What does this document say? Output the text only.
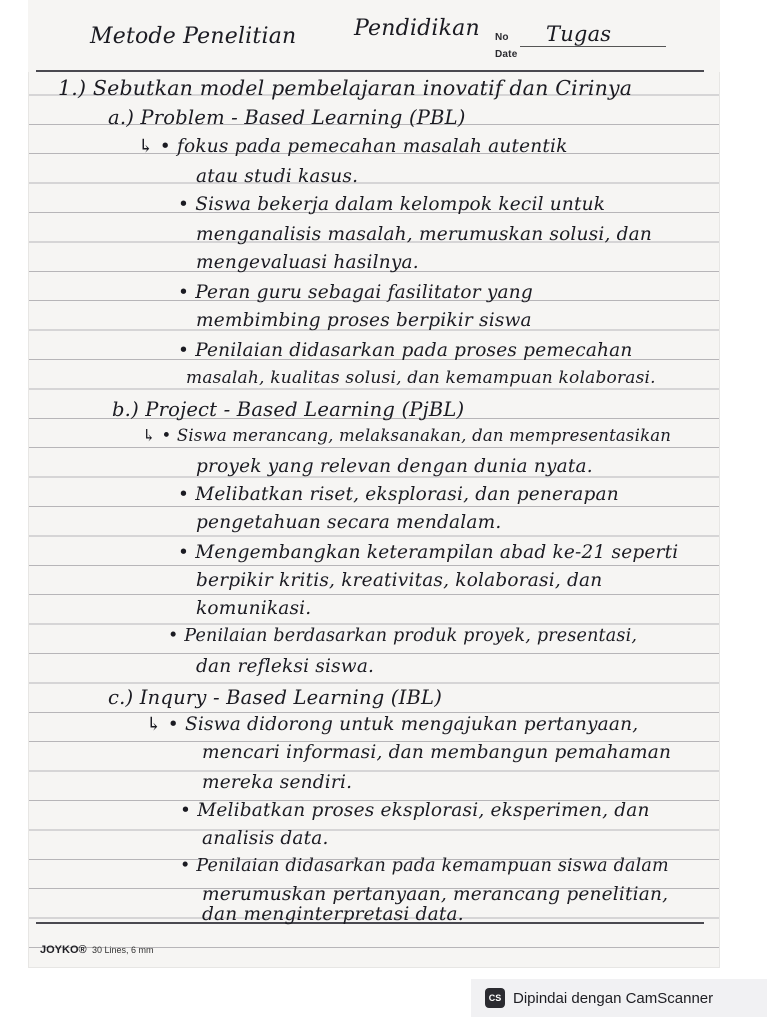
Metode Penelitian	Pendidikan No
Date
Tugas
1.) Sebutkan model pembelajaran inovatif dan Cirinya
a.) Problem - Based Learning (PBL)
↳ • fokus pada pemecahan masalah autentik
atau studi kasus.
• Siswa bekerja dalam kelompok kecil untuk
menganalisis masalah, merumuskan solusi, dan
mengevaluasi hasilnya.
• Peran guru sebagai fasilitator yang
membimbing proses berpikir siswa
• Penilaian didasarkan pada proses pemecahan
masalah, kualitas solusi, dan kemampuan kolaborasi.
b.) Project - Based Learning (PjBL)
↳ • Siswa merancang, melaksanakan, dan mempresentasikan
proyek yang relevan dengan dunia nyata.
• Melibatkan riset, eksplorasi, dan penerapan
pengetahuan secara mendalam.
• Mengembangkan keterampilan abad ke-21 seperti
berpikir kritis, kreativitas, kolaborasi, dan
komunikasi.
• Penilaian berdasarkan produk proyek, presentasi,
dan refleksi siswa.
c.) Inqury - Based Learning (IBL)
↳ • Siswa didorong untuk mengajukan pertanyaan,
mencari informasi, dan membangun pemahaman
mereka sendiri.
• Melibatkan proses eksplorasi, eksperimen, dan
analisis data.
• Penilaian didasarkan pada kemampuan siswa dalam
merumuskan pertanyaan, merancang penelitian,
dan menginterpretasi data.
JOYKO® 30 Lines, 6 mm
CS Dipindai dengan CamScanner
